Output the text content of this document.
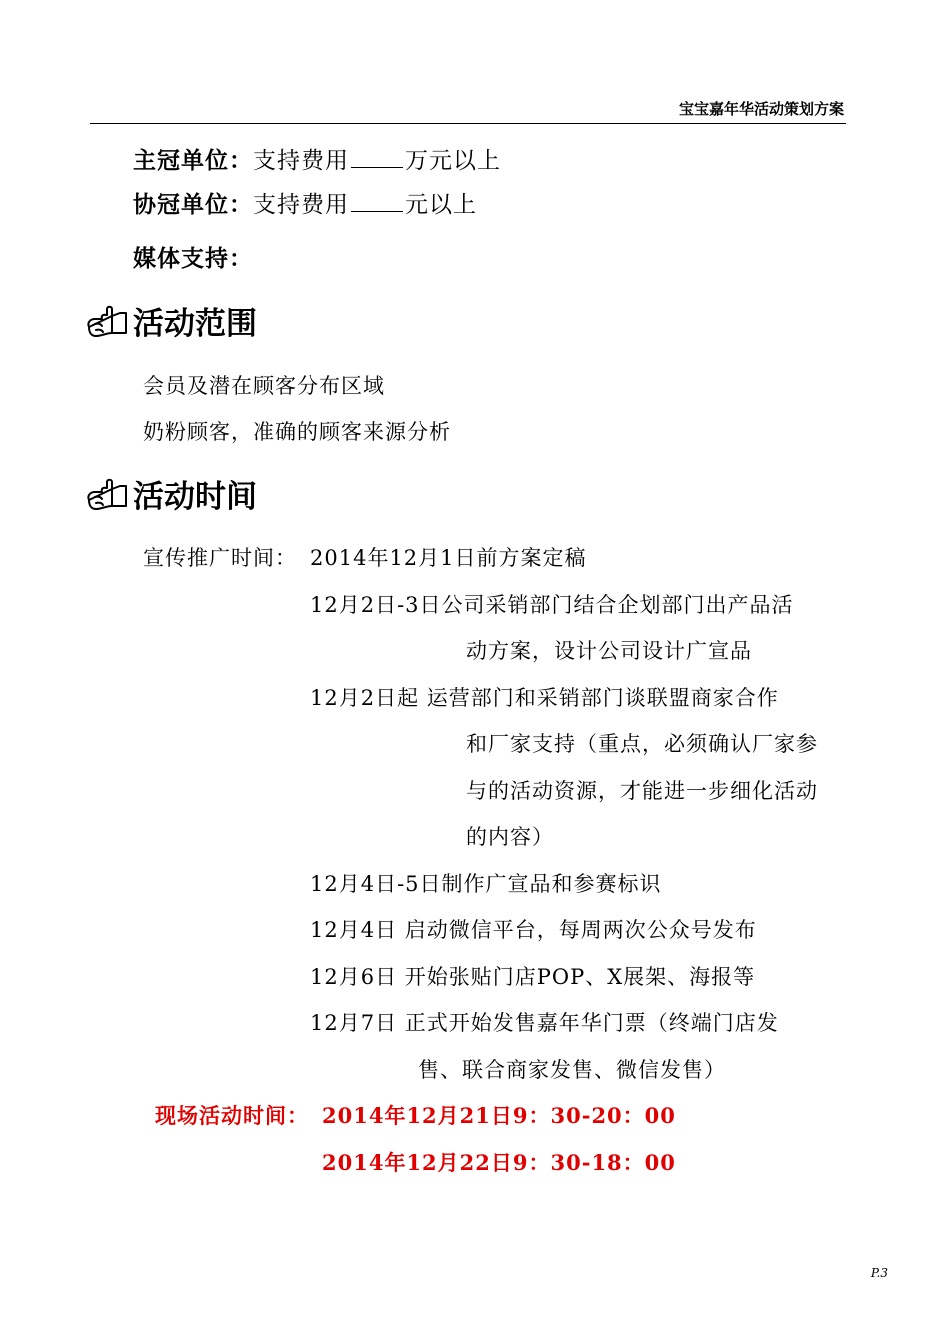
宝宝嘉年华活动策划方案
主冠单位：支持费用 万元以上
协冠单位：支持费用 元以上
媒体支持：
活动范围
会员及潜在顾客分布区域
奶粉顾客，准确的顾客来源分析
活动时间
宣传推广时间： 2014年12月1日前方案定稿
12月2日-3日公司采销部门结合企划部门出产品活
动方案，设计公司设计广宣品
12月2日起 运营部门和采销部门谈联盟商家合作
和厂家支持（重点，必须确认厂家参
与的活动资源，才能进一步细化活动
的内容）
12月4日-5日制作广宣品和参赛标识
12月4日 启动微信平台，每周两次公众号发布
12月6日 开始张贴门店POP、X展架、海报等
12月7日 正式开始发售嘉年华门票（终端门店发
售、联合商家发售、微信发售）
现场活动时间： 2014年12月21日9：30-20：00
2014年12月22日9：30-18：00
P.3
